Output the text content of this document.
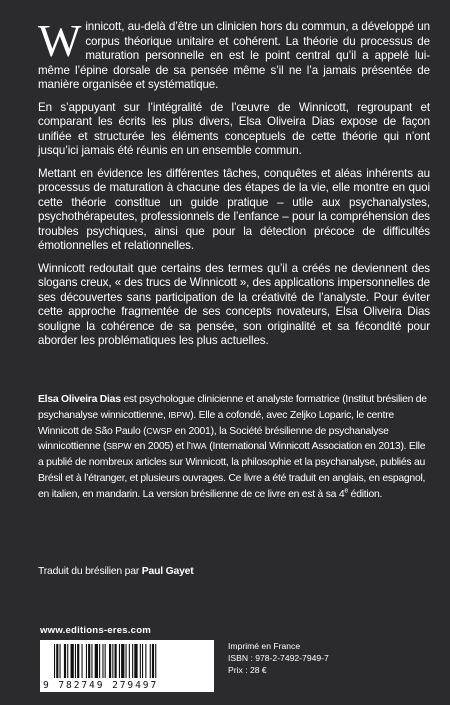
Winnicott, au-delà d’être un clinicien hors du commun, a développé un corpus théorique unitaire et cohérent. La théorie du processus de maturation personnelle en est le point central qu’il a appelé lui-même l’épine dorsale de sa pensée même s’il ne l’a jamais présentée de manière organisée et systématique.

En s’appuyant sur l’intégralité de l’œuvre de Winnicott, regroupant et comparant les écrits les plus divers, Elsa Oliveira Dias expose de façon unifiée et structurée les éléments conceptuels de cette théorie qui n’ont jusqu’ici jamais été réunis en un ensemble commun.

Mettant en évidence les différentes tâches, conquêtes et aléas inhérents au processus de maturation à chacune des étapes de la vie, elle montre en quoi cette théorie constitue un guide pratique – utile aux psychanalystes, psychothérapeutes, professionnels de l’enfance – pour la compréhension des troubles psychiques, ainsi que pour la détection précoce de difficultés émotionnelles et relationnelles.

Winnicott redoutait que certains des termes qu’il a créés ne deviennent des slogans creux, « des trucs de Winnicott », des applications impersonnelles de ses découvertes sans participation de la créativité de l’analyste. Pour éviter cette approche fragmentée de ses concepts novateurs, Elsa Oliveira Dias souligne la cohérence de sa pensée, son originalité et sa fécondité pour aborder les problématiques les plus actuelles.

Elsa Oliveira Dias est psychologue clinicienne et analyste formatrice (Institut brésilien de psychanalyse winnicottienne, IBPW). Elle a cofondé, avec Zeljko Loparic, le centre Winnicott de São Paulo (CWSP en 2001), la Société brésilienne de psychanalyse winnicottienne (SBPW en 2005) et l’IWA (International Winnicott Association en 2013). Elle a publié de nombreux articles sur Winnicott, la philosophie et la psychanalyse, publiés au Brésil et à l’étranger, et plusieurs ouvrages. Ce livre a été traduit en anglais, en espagnol, en italien, en mandarin. La version brésilienne de ce livre en est à sa 4e édition.

Traduit du brésilien par Paul Gayet
www.editions-eres.com
9 782749 279497
Imprimé en France
ISBN : 978-2-7492-7949-7
Prix : 28 €
